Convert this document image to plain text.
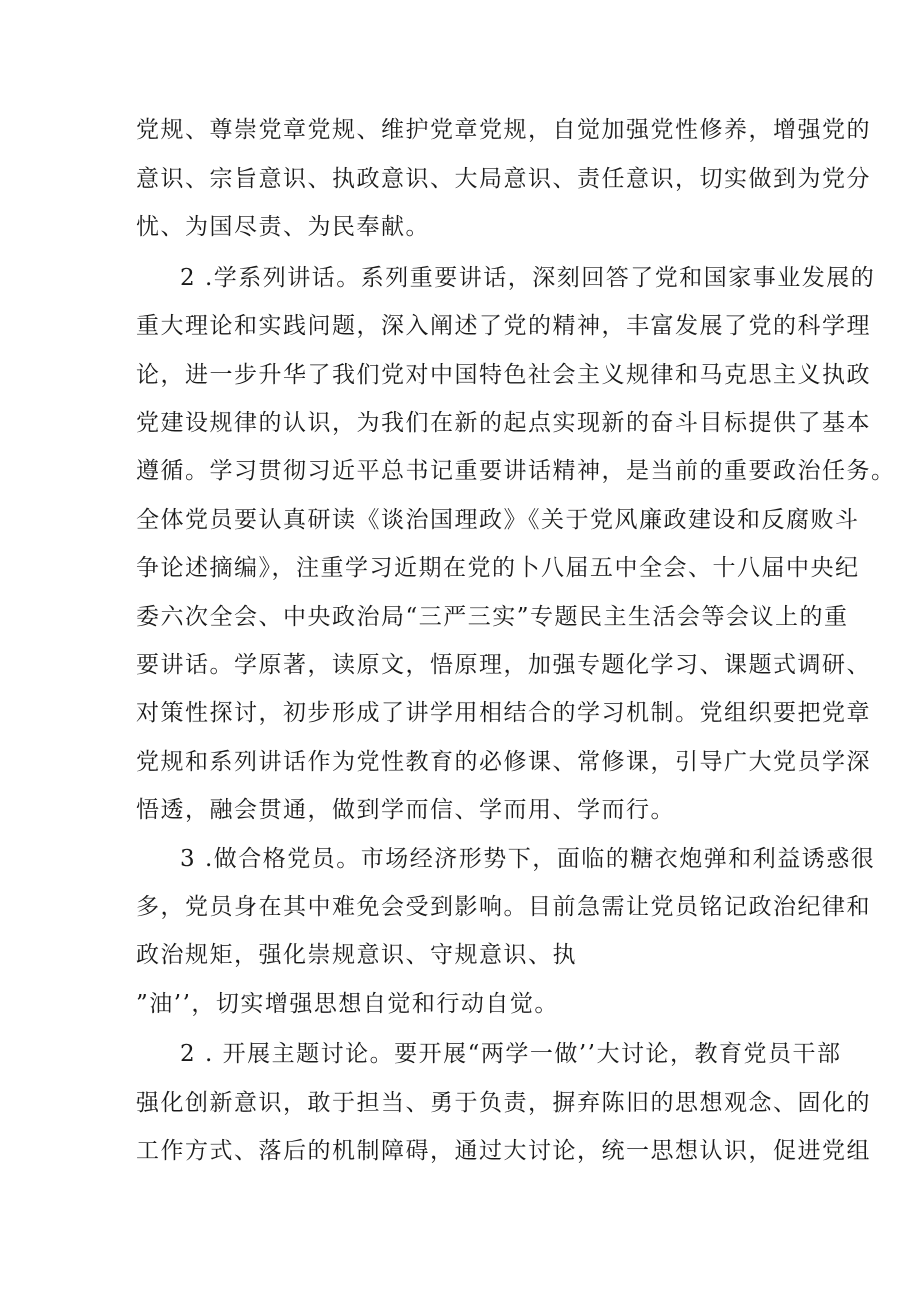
党规、尊崇党章党规、维护党章党规，自觉加强党性修养，增强党的
意识、宗旨意识、执政意识、大局意识、责任意识，切实做到为党分
忧、为国尽责、为民奉献。
2 .学系列讲话。系列重要讲话，深刻回答了党和国家事业发展的
重大理论和实践问题，深入阐述了党的精神，丰富发展了党的科学理
论，进一步升华了我们党对中国特色社会主义规律和马克思主义执政
党建设规律的认识，为我们在新的起点实现新的奋斗目标提供了基本
遵循。学习贯彻习近平总书记重要讲话精神，是当前的重要政治任务。
全体党员要认真研读《谈治国理政》《关于党风廉政建设和反腐败斗
争论述摘编》，注重学习近期在党的卜八届五中全会、十八届中央纪
委六次全会、中央政治局“三严三实”专题民主生活会等会议上的重
要讲话。学原著，读原文，悟原理，加强专题化学习、课题式调研、
对策性探讨，初步形成了讲学用相结合的学习机制。党组织要把党章
党规和系列讲话作为党性教育的必修课、常修课，引导广大党员学深
悟透，融会贯通，做到学而信、学而用、学而行。
3 .做合格党员。市场经济形势下，面临的糖衣炮弹和利益诱惑很
多，党员身在其中难免会受到影响。目前急需让党员铭记政治纪律和
政治规矩，强化崇规意识、守规意识、执
”油’’，切实增强思想自觉和行动自觉。
2 . 开展主题讨论。要开展“两学一做’’大讨论，教育党员干部
强化创新意识，敢于担当、勇于负责，摒弃陈旧的思想观念、固化的
工作方式、落后的机制障碍，通过大讨论，统一思想认识，促进党组
